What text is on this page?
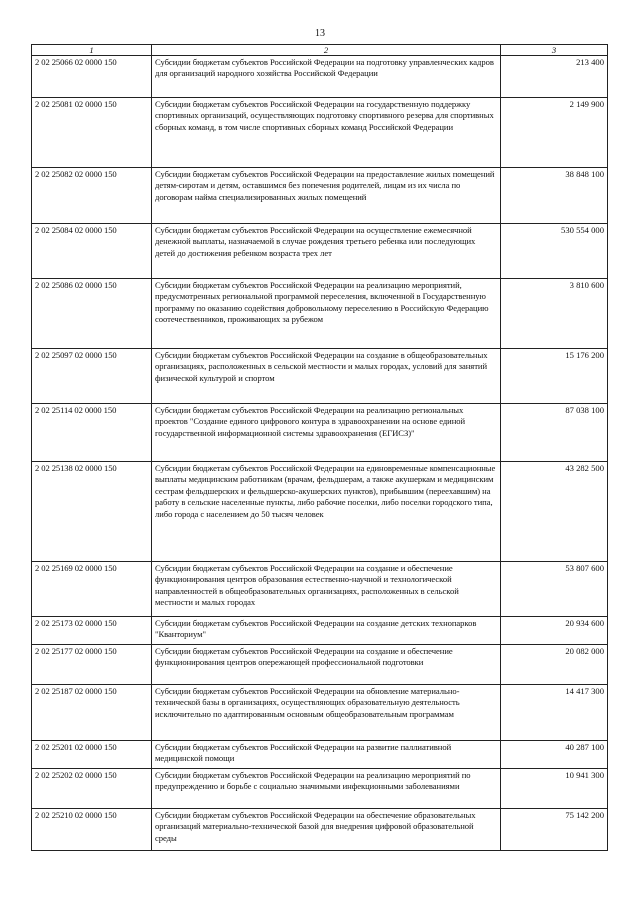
13
1	2	3
2 02 25066 02 0000 150	Субсидии бюджетам субъектов Российской Федерации на подготовку управленческих кадров для организаций народного хозяйства Российской Федерации	213 400
2 02 25081 02 0000 150	Субсидии бюджетам субъектов Российской Федерации на государственную поддержку спортивных организаций, осуществляющих подготовку спортивного резерва для спортивных сборных команд, в том числе спортивных сборных команд Российской Федерации	2 149 900
2 02 25082 02 0000 150	Субсидии бюджетам субъектов Российской Федерации на предоставление жилых помещений детям-сиротам и детям, оставшимся без попечения родителей, лицам из их числа по договорам найма специализированных жилых помещений	38 848 100
2 02 25084 02 0000 150	Субсидии бюджетам субъектов Российской Федерации на осуществление ежемесячной денежной выплаты, назначаемой в случае рождения третьего ребенка или последующих детей до достижения ребенком возраста трех лет	530 554 000
2 02 25086 02 0000 150	Субсидии бюджетам субъектов Российской Федерации на реализацию мероприятий, предусмотренных региональной программой переселения, включенной в Государственную программу по оказанию содействия добровольному переселению в Российскую Федерацию соотечественников, проживающих за рубежом	3 810 600
2 02 25097 02 0000 150	Субсидии бюджетам субъектов Российской Федерации на создание в общеобразовательных организациях, расположенных в сельской местности и малых городах, условий для занятий физической культурой и спортом	15 176 200
2 02 25114 02 0000 150	Субсидии бюджетам субъектов Российской Федерации на реализацию региональных проектов "Создание единого цифрового контура в здравоохранении на основе единой государственной информационной системы здравоохранения (ЕГИСЗ)"	87 038 100
2 02 25138 02 0000 150	Субсидии бюджетам субъектов Российской Федерации на единовременные компенсационные выплаты медицинским работникам (врачам, фельдшерам, а также акушеркам и медицинским сестрам фельдшерских и фельдшерско-акушерских пунктов), прибывшим (переехавшим) на работу в сельские населенные пункты, либо рабочие поселки, либо поселки городского типа, либо города с населением до 50 тысяч человек	43 282 500
2 02 25169 02 0000 150	Субсидии бюджетам субъектов Российской Федерации на создание и обеспечение функционирования центров образования естественно-научной и технологической направленностей в общеобразовательных организациях, расположенных в сельской местности и малых городах	53 807 600
2 02 25173 02 0000 150	Субсидии бюджетам субъектов Российской Федерации на создание детских технопарков "Кванториум"	20 934 600
2 02 25177 02 0000 150	Субсидии бюджетам субъектов Российской Федерации на создание и обеспечение функционирования центров опережающей профессиональной подготовки	20 082 000
2 02 25187 02 0000 150	Субсидии бюджетам субъектов Российской Федерации на обновление материально-технической базы в организациях, осуществляющих образовательную деятельность исключительно по адаптированным основным общеобразовательным программам	14 417 300
2 02 25201 02 0000 150	Субсидии бюджетам субъектов Российской Федерации на развитие паллиативной медицинской помощи	40 287 100
2 02 25202 02 0000 150	Субсидии бюджетам субъектов Российской Федерации на реализацию мероприятий по предупреждению и борьбе с социально значимыми инфекционными заболеваниями	10 941 300
2 02 25210 02 0000 150	Субсидии бюджетам субъектов Российской Федерации на обеспечение образовательных организаций материально-технической базой для внедрения цифровой образовательной среды	75 142 200
